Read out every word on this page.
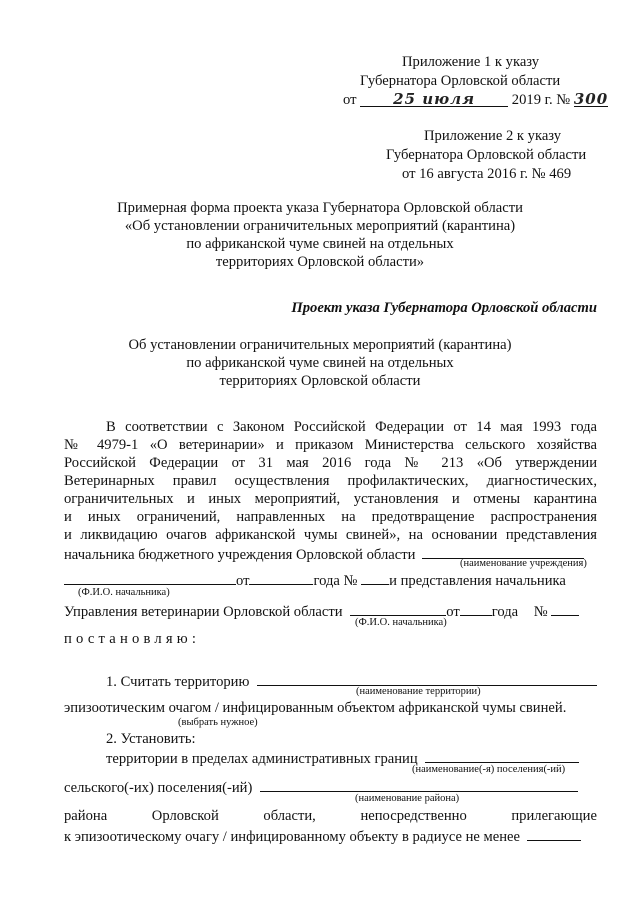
Приложение 1 к указу
Губернатора Орловской области
от 25 июля	2019 г. № 300
Приложение 2 к указу
Губернатора Орловской области
от 16 августа 2016 г. № 469
Примерная форма проекта указа Губернатора Орловской области
«Об установлении ограничительных мероприятий (карантина)
по африканской чуме свиней на отдельных
территориях Орловской области»
Проект указа Губернатора Орловской области
Об установлении ограничительных мероприятий (карантина)
по африканской чуме свиней на отдельных
территориях Орловской области
В соответствии с Законом Российской Федерации от 14 мая 1993 года
№ 4979-1 «О ветеринарии» и приказом Министерства сельского хозяйства
Российской Федерации от 31 мая 2016 года № 213 «Об утверждении
Ветеринарных правил осуществления профилактических, диагностических,
ограничительных и иных мероприятий, установления и отмены карантина
и иных ограничений, направленных на предотвращение распространения
и ликвидацию очагов африканской чумы свиней», на основании представления
начальника бюджетного учреждения Орловской области
(наименование учреждения)
от	года № и представления начальника
(Ф.И.О. начальника)
Управления ветеринарии Орловской области	от года №
(Ф.И.О. начальника)
постановляю:
1. Считать территорию
(наименование территории)
эпизоотическим очагом / инфицированным объектом африканской чумы свиней.
(выбрать нужное)
2. Установить:
территории в пределах административных границ
(наименование(-я) поселения(-ий)
сельского(-их) поселения(-ий)
(наименование района)
района	Орловской	области,	непосредственно	прилегающие
к эпизоотическому очагу / инфицированному объекту в радиусе не менее
